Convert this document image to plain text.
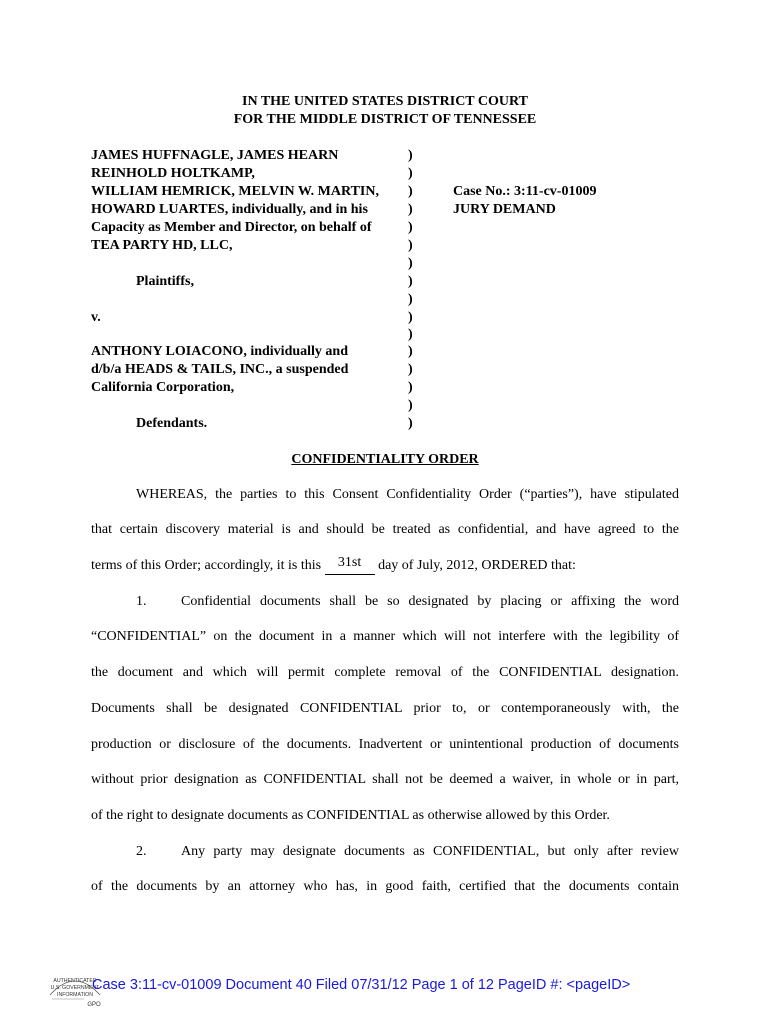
IN THE UNITED STATES DISTRICT COURT
FOR THE MIDDLE DISTRICT OF TENNESSEE
JAMES HUFFNAGLE, JAMES HEARN
REINHOLD HOLTKAMP,
WILLIAM HEMRICK, MELVIN W. MARTIN,
HOWARD LUARTES, individually, and in his
Capacity as Member and Director, on behalf of
TEA PARTY HD, LLC,
Plaintiffs,
v.
ANTHONY LOIACONO, individually and
d/b/a HEADS & TAILS, INC., a suspended
California Corporation,
Defendants.
)
)
)
)
)
)
)
)
)
)
)
)
)
)
)
)
Case No.: 3:11-cv-01009
JURY DEMAND
CONFIDENTIALITY ORDER
WHEREAS, the parties to this Consent Confidentiality Order (“parties”), have stipulated
that certain discovery material is and should be treated as confidential, and have agreed to the
terms of this Order; accordingly, it is this 31st day of July, 2012, ORDERED that:
1.	Confidential documents shall be so designated by placing or affixing the word
“CONFIDENTIAL” on the document in a manner which will not interfere with the legibility of
the document and which will permit complete removal of the CONFIDENTIAL designation.
Documents shall be designated CONFIDENTIAL prior to, or contemporaneously with, the
production or disclosure of the documents. Inadvertent or unintentional production of documents
without prior designation as CONFIDENTIAL shall not be deemed a waiver, in whole or in part,
of the right to designate documents as CONFIDENTIAL as otherwise allowed by this Order.
2.	Any party may designate documents as CONFIDENTIAL, but only after review
of the documents by an attorney who has, in good faith, certified that the documents contain
AUTHENTICATED
U.S. GOVERNMENT
INFORMATION
GPO
Case 3:11-cv-01009 Document 40 Filed 07/31/12 Page 1 of 12 PageID #: <pageID>
